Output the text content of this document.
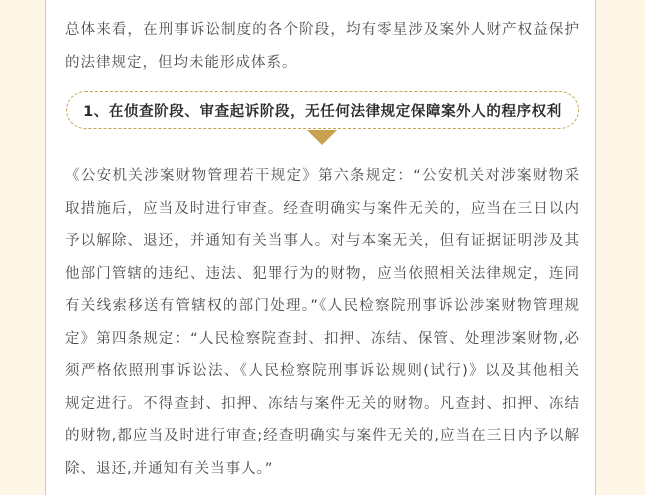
总体来看，在刑事诉讼制度的各个阶段，均有零星涉及案外人财产权益保护的法律规定，但均未能形成体系。

1、在侦查阶段、审查起诉阶段，无任何法律规定保障案外人的程序权利

《公安机关涉案财物管理若干规定》第六条规定：“公安机关对涉案财物采取措施后，应当及时进行审查。经查明确实与案件无关的，应当在三日以内予以解除、退还，并通知有关当事人。对与本案无关，但有证据证明涉及其他部门管辖的违纪、违法、犯罪行为的财物，应当依照相关法律规定，连同有关线索移送有管辖权的部门处理。”《人民检察院刑事诉讼涉案财物管理规定》第四条规定：“人民检察院查封、扣押、冻结、保管、处理涉案财物,必须严格依照刑事诉讼法、《人民检察院刑事诉讼规则(试行)》以及其他相关规定进行。不得查封、扣押、冻结与案件无关的财物。凡查封、扣押、冻结的财物,都应当及时进行审查;经查明确实与案件无关的,应当在三日内予以解除、退还,并通知有关当事人。”
